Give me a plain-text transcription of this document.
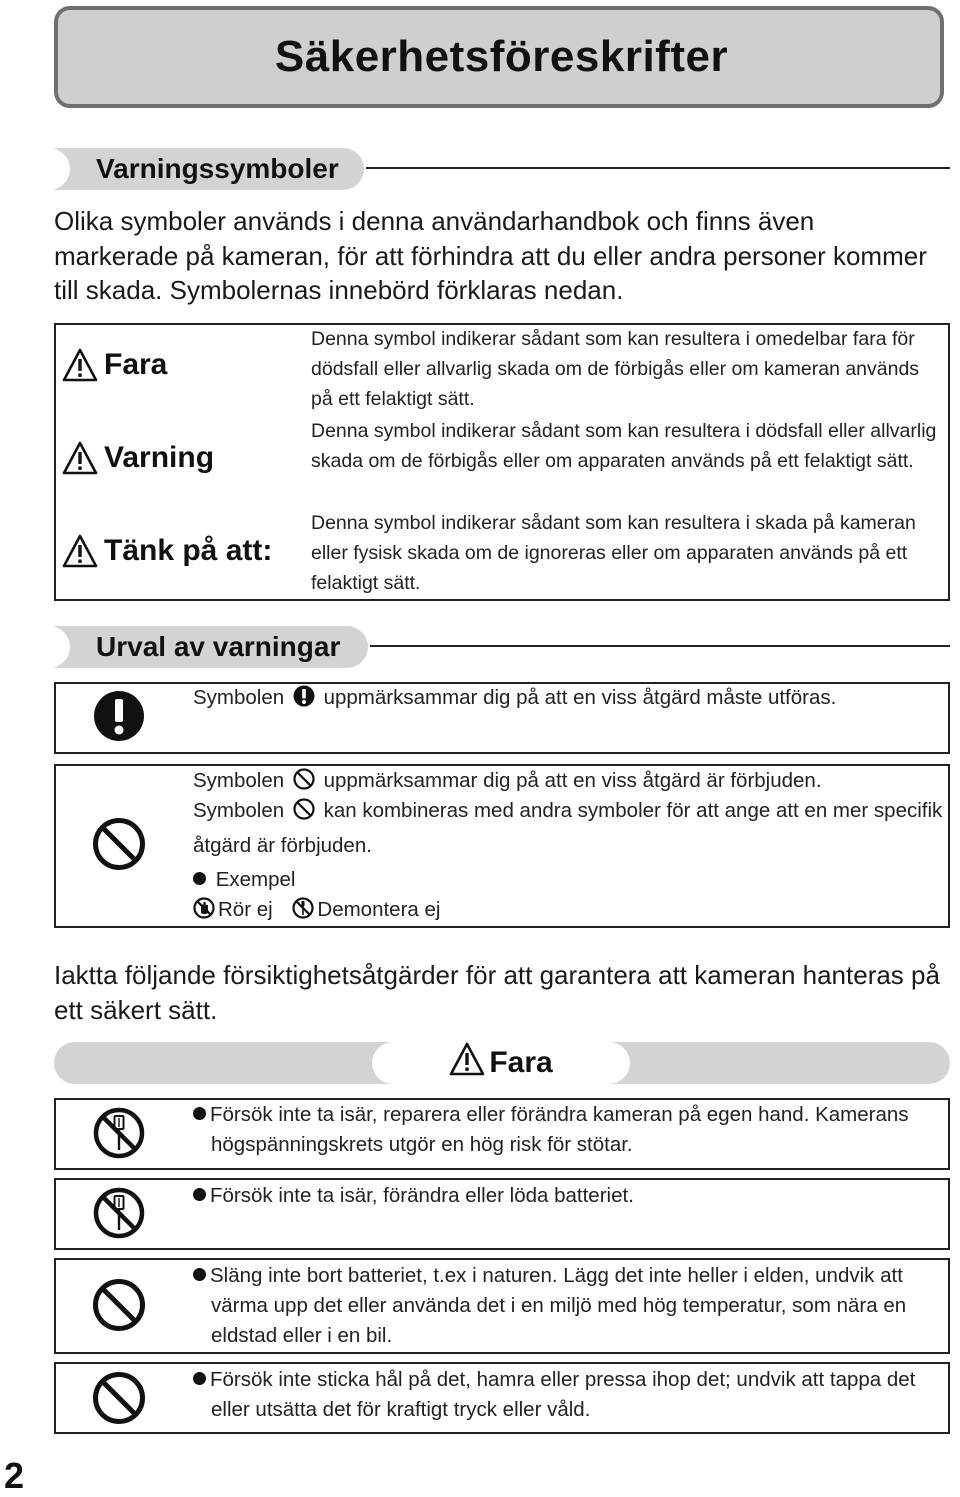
Säkerhetsföreskrifter
Varningssymboler
Olika symboler används i denna användarhandbok och finns även markerade på kameran, för att förhindra att du eller andra personer kommer till skada. Symbolernas innebörd förklaras nedan.
Fara
Denna symbol indikerar sådant som kan resultera i omedelbar fara för dödsfall eller allvarlig skada om de förbigås eller om kameran används på ett felaktigt sätt.
Varning
Denna symbol indikerar sådant som kan resultera i dödsfall eller allvarlig skada om de förbigås eller om apparaten används på ett felaktigt sätt.
Tänk på att:
Denna symbol indikerar sådant som kan resultera i skada på kameran eller fysisk skada om de ignoreras eller om apparaten används på ett felaktigt sätt.
Urval av varningar
Symbolen uppmärksammar dig på att en viss åtgärd måste utföras.
Symbolen uppmärksammar dig på att en viss åtgärd är förbjuden.
Symbolen kan kombineras med andra symboler för att ange att en mer specifik
åtgärd är förbjuden.
Exempel
Rör ej Demontera ej
Iaktta följande försiktighetsåtgärder för att garantera att kameran hanteras på ett säkert sätt.
Fara
Försök inte ta isär, reparera eller förändra kameran på egen hand. Kamerans högspänningskrets utgör en hög risk för stötar.
Försök inte ta isär, förändra eller löda batteriet.
Släng inte bort batteriet, t.ex i naturen. Lägg det inte heller i elden, undvik att värma upp det eller använda det i en miljö med hög temperatur, som nära en eldstad eller i en bil.
Försök inte sticka hål på det, hamra eller pressa ihop det; undvik att tappa det eller utsätta det för kraftigt tryck eller våld.
2
